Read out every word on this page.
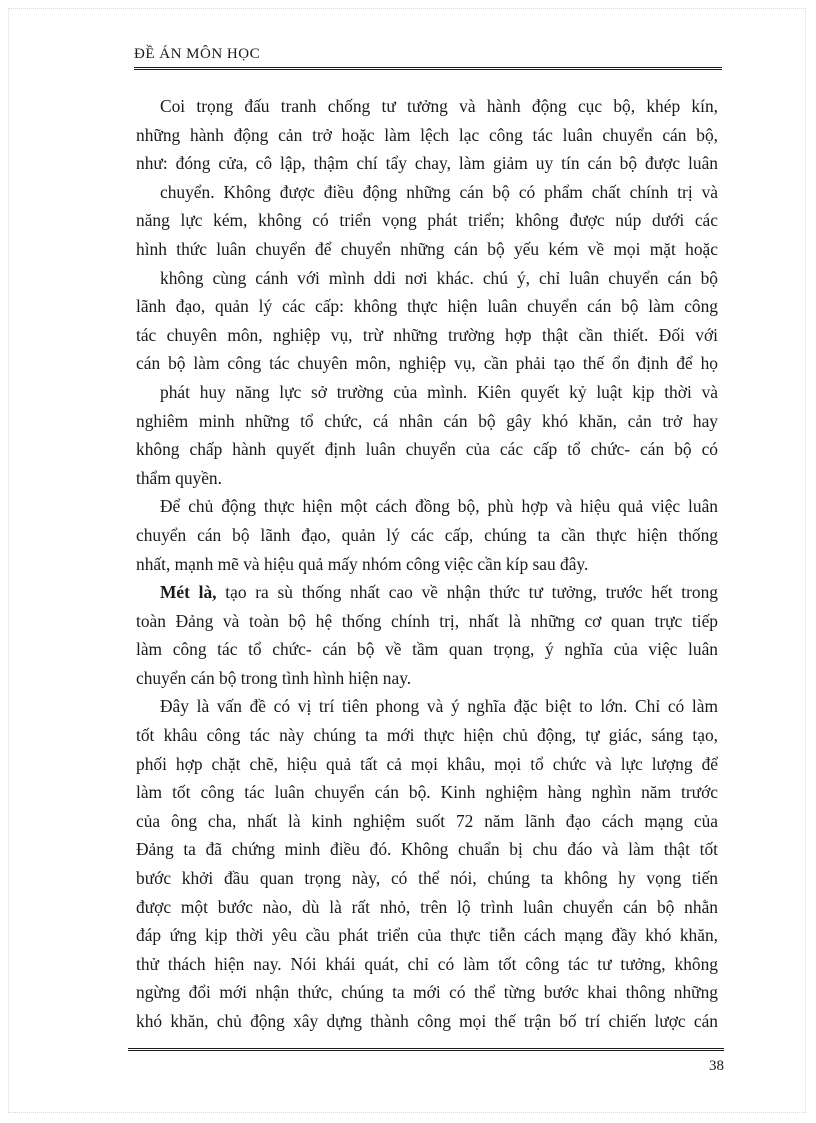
ĐỀ ÁN MÔN HỌC
Coi trọng đấu tranh chống tư tưởng và hành động cục bộ, khép kín,
những hành động cản trở hoặc làm lệch lạc công tác luân chuyển cán bộ,
như: đóng cửa, cô lập, thậm chí tẩy chay, làm giảm uy tín cán bộ được luân
chuyển. Không được điều động những cán bộ có phẩm chất chính trị và
năng lực kém, không có triển vọng phát triển; không được núp dưới các
hình thức luân chuyển để chuyển những cán bộ yếu kém về mọi mặt hoặc
không cùng cánh với mình ddi nơi khác. chú ý, chỉ luân chuyển cán bộ
lãnh đạo, quản lý các cấp: không thực hiện luân chuyển cán bộ làm công
tác chuyên môn, nghiệp vụ, trừ những trường hợp thật cần thiết. Đối với
cán bộ làm công tác chuyên môn, nghiệp vụ, cần phải tạo thế ổn định để họ
phát huy năng lực sở trường của mình. Kiên quyết kỷ luật kịp thời và
nghiêm minh những tổ chức, cá nhân cán bộ gây khó khăn, cản trở hay
không chấp hành quyết định luân chuyển của các cấp tổ chức- cán bộ có
thẩm quyền.
Để chủ động thực hiện một cách đồng bộ, phù hợp và hiệu quả việc luân
chuyển cán bộ lãnh đạo, quản lý các cấp, chúng ta cần thực hiện thống
nhất, mạnh mẽ và hiệu quả mấy nhóm công việc cần kíp sau đây.
Mét là, tạo ra sù thống nhất cao về nhận thức tư tưởng, trước hết trong
toàn Đảng và toàn bộ hệ thống chính trị, nhất là những cơ quan trực tiếp
làm công tác tổ chức- cán bộ về tầm quan trọng, ý nghĩa của việc luân
chuyển cán bộ trong tình hình hiện nay.
Đây là vấn đề có vị trí tiên phong và ý nghĩa đặc biệt to lớn. Chỉ có làm
tốt khâu công tác này chúng ta mới thực hiện chủ động, tự giác, sáng tạo,
phối hợp chặt chẽ, hiệu quả tất cả mọi khâu, mọi tổ chức và lực lượng để
làm tốt công tác luân chuyển cán bộ. Kinh nghiệm hàng nghìn năm trước
của ông cha, nhất là kinh nghiệm suốt 72 năm lãnh đạo cách mạng của
Đảng ta đã chứng minh điều đó. Không chuẩn bị chu đáo và làm thật tốt
bước khởi đầu quan trọng này, có thể nói, chúng ta không hy vọng tiến
được một bước nào, dù là rất nhỏ, trên lộ trình luân chuyển cán bộ nhằn
đáp ứng kịp thời yêu cầu phát triển của thực tiễn cách mạng đầy khó khăn,
thử thách hiện nay. Nói khái quát, chỉ có làm tốt công tác tư tưởng, không
ngừng đổi mới nhận thức, chúng ta mới có thể từng bước khai thông những
khó khăn, chủ động xây dựng thành công mọi thế trận bố trí chiến lược cán
38
